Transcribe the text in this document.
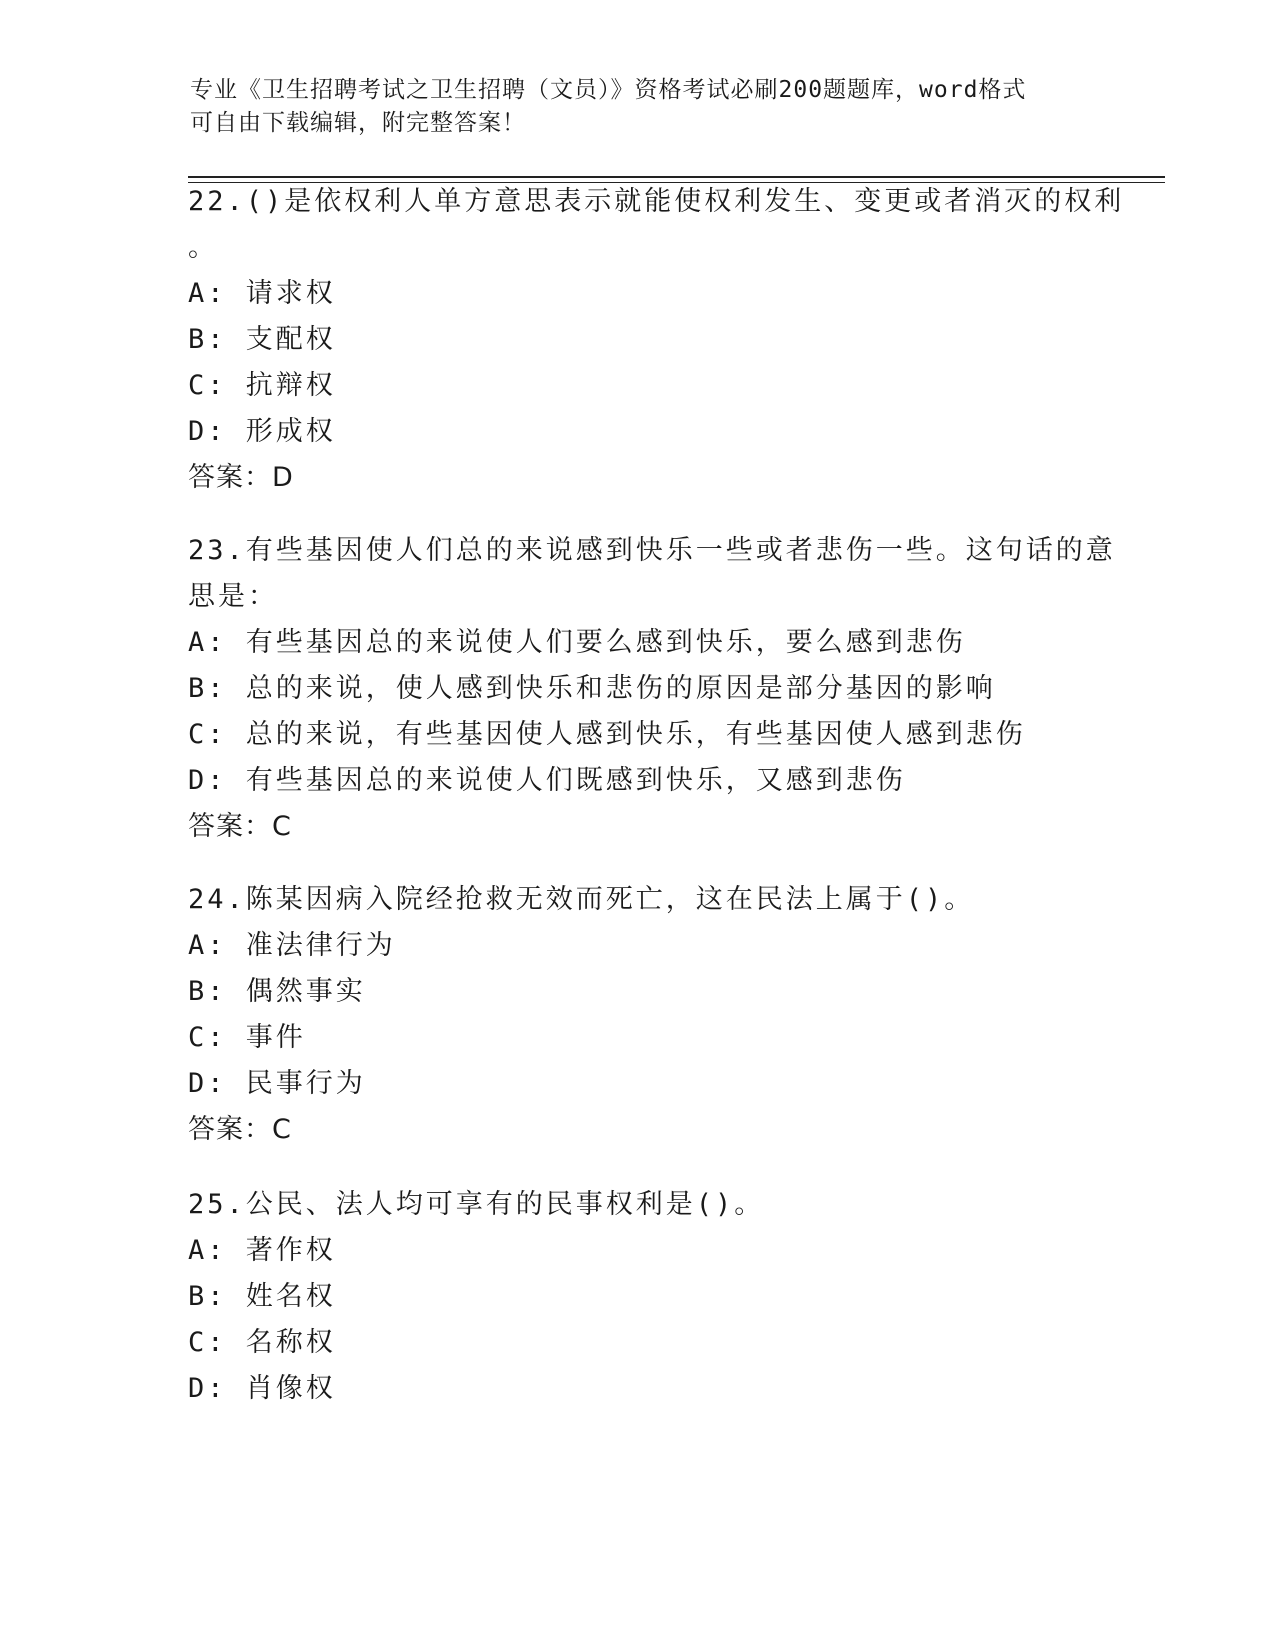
专业《卫生招聘考试之卫生招聘（文员）》资格考试必刷200题题库，word格式
可自由下载编辑，附完整答案！
22.()是依权利人单方意思表示就能使权利发生、变更或者消灭的权利
。
A: 请求权
B: 支配权
C: 抗辩权
D: 形成权
答案：D
23.有些基因使人们总的来说感到快乐一些或者悲伤一些。这句话的意
思是：
A: 有些基因总的来说使人们要么感到快乐，要么感到悲伤
B: 总的来说，使人感到快乐和悲伤的原因是部分基因的影响
C: 总的来说，有些基因使人感到快乐，有些基因使人感到悲伤
D: 有些基因总的来说使人们既感到快乐，又感到悲伤
答案：C
24.陈某因病入院经抢救无效而死亡，这在民法上属于()。
A: 准法律行为
B: 偶然事实
C: 事件
D: 民事行为
答案：C
25.公民、法人均可享有的民事权利是()。
A: 著作权
B: 姓名权
C: 名称权
D: 肖像权
